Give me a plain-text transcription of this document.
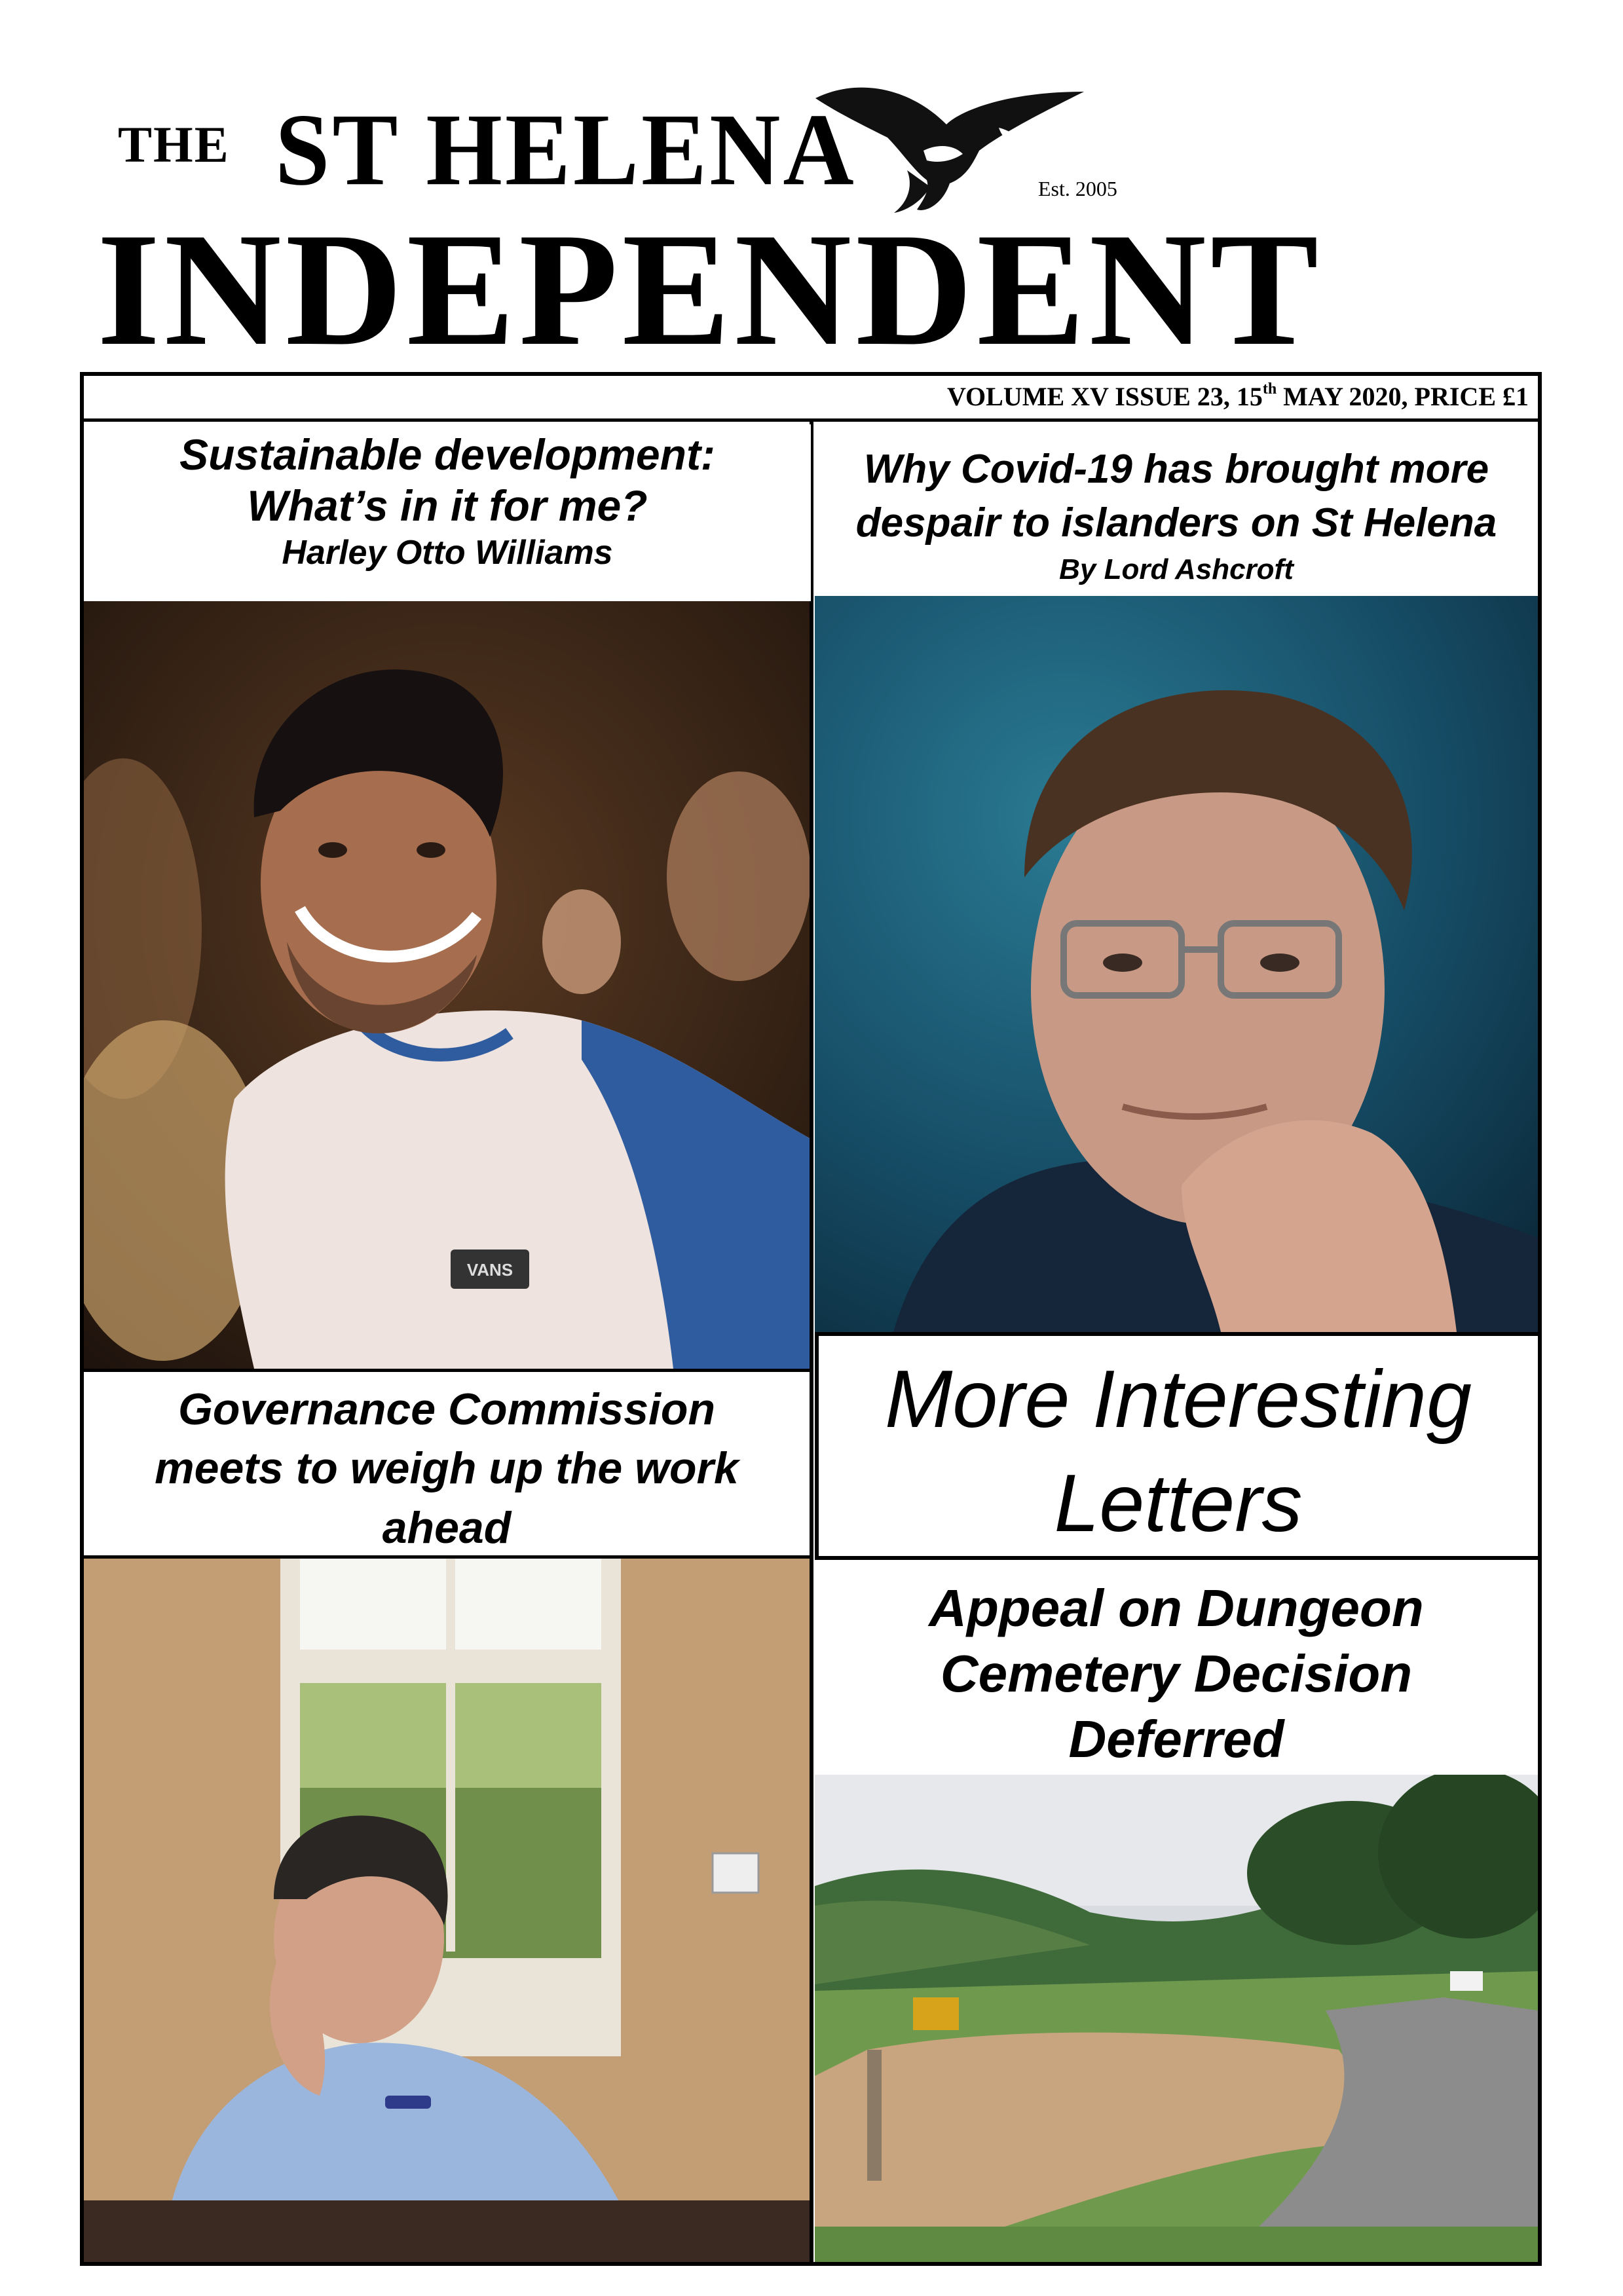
THE ST HELENA	Est. 2005
INDEPENDENT
VOLUME XV ISSUE 23, 15th MAY 2020, PRICE £1
Sustainable development:
What’s in it for me?
Harley Otto Williams
Why Covid-19 has brought more
despair to islanders on St Helena
By Lord Ashcroft
VANS
Governance Commission
meets to weigh up the work
ahead
More Interesting
Letters
Appeal on Dungeon
Cemetery Decision
Deferred
